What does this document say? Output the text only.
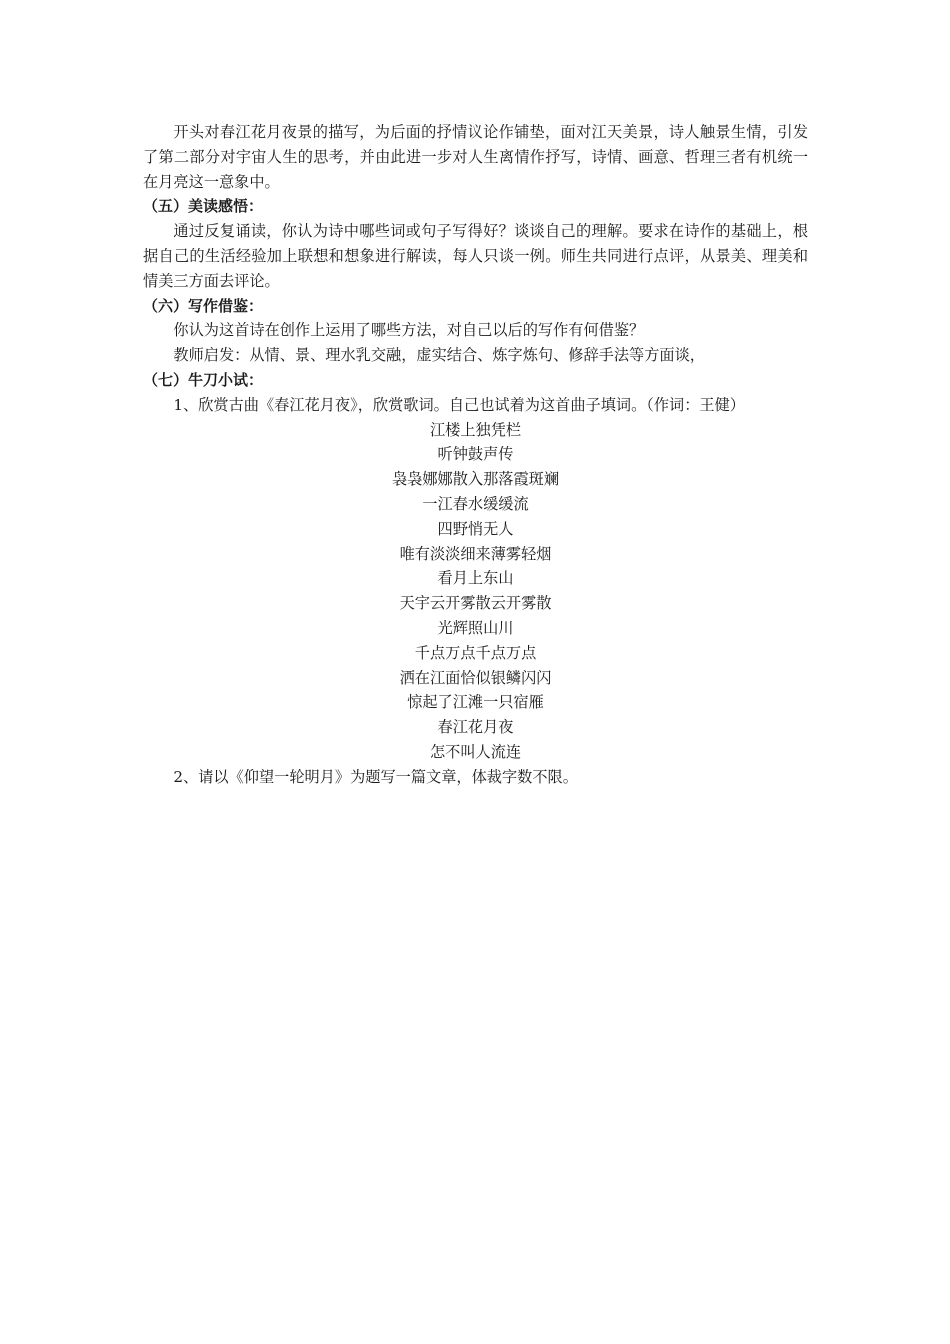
开头对春江花月夜景的描写，为后面的抒情议论作铺垫，面对江天美景，诗人触景生情，引发了第二部分对宇宙人生的思考，并由此进一步对人生离情作抒写，诗情、画意、哲理三者有机统一在月亮这一意象中。

（五）美读感悟：

通过反复诵读，你认为诗中哪些词或句子写得好？谈谈自己的理解。要求在诗作的基础上，根据自己的生活经验加上联想和想象进行解读，每人只谈一例。师生共同进行点评，从景美、理美和情美三方面去评论。

（六）写作借鉴：

你认为这首诗在创作上运用了哪些方法，对自己以后的写作有何借鉴？

教师启发：从情、景、理水乳交融，虚实结合、炼字炼句、修辞手法等方面谈，

（七）牛刀小试：

1、欣赏古曲《春江花月夜》，欣赏歌词。自己也试着为这首曲子填词。（作词：王健）

江楼上独凭栏
听钟鼓声传
袅袅娜娜散入那落霞斑斓
一江春水缓缓流
四野悄无人
唯有淡淡细来薄雾轻烟
看月上东山
天宇云开雾散云开雾散
光辉照山川
千点万点千点万点
洒在江面恰似银鳞闪闪
惊起了江滩一只宿雁
春江花月夜
怎不叫人流连

2、请以《仰望一轮明月》为题写一篇文章，体裁字数不限。
